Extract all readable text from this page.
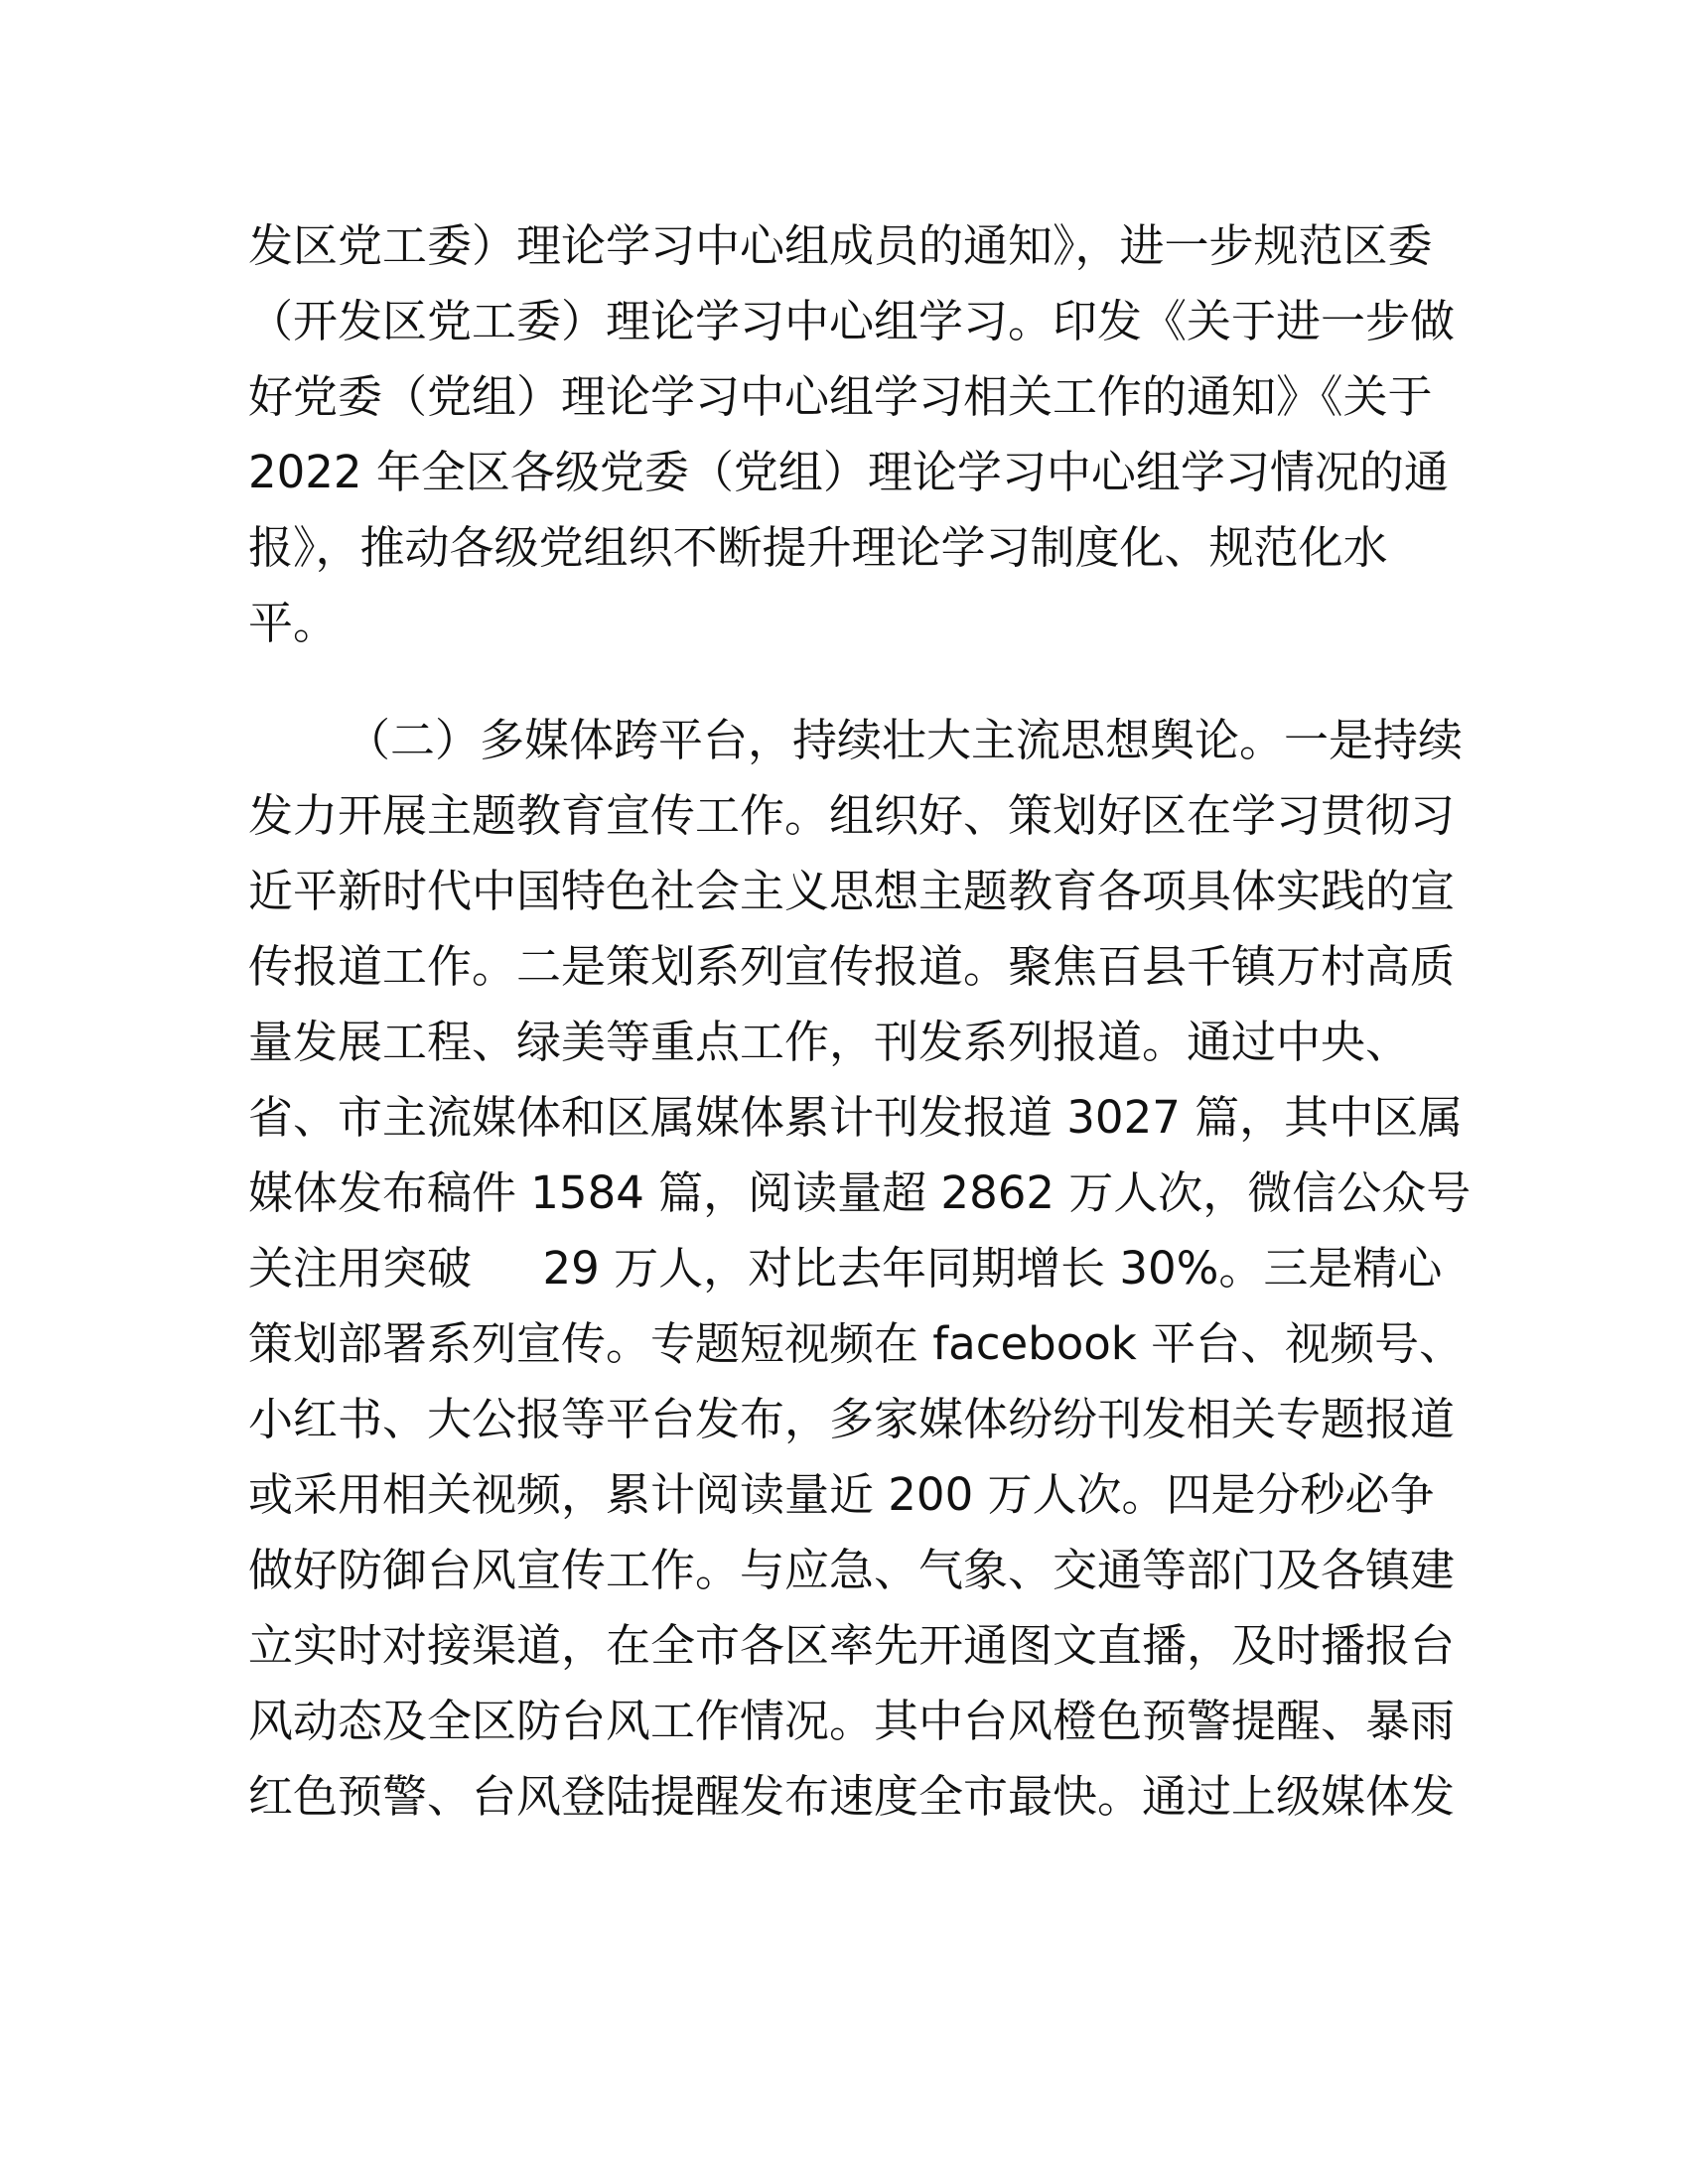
发区党工委）理论学习中心组成员的通知》，进一步规范区委
（开发区党工委）理论学习中心组学习。印发《关于进一步做
好党委（党组）理论学习中心组学习相关工作的通知》《关于
2022 年全区各级党委（党组）理论学习中心组学习情况的通
报》，推动各级党组织不断提升理论学习制度化、规范化水
平。
（二）多媒体跨平台，持续壮大主流思想舆论。一是持续
发力开展主题教育宣传工作。组织好、策划好区在学习贯彻习
近平新时代中国特色社会主义思想主题教育各项具体实践的宣
传报道工作。二是策划系列宣传报道。聚焦百县千镇万村高质
量发展工程、绿美等重点工作，刊发系列报道。通过中央、
省、市主流媒体和区属媒体累计刊发报道 3027 篇，其中区属
媒体发布稿件 1584 篇，阅读量超 2862 万人次，微信公众号
关注用突破     29 万人，对比去年同期增长 30%。三是精心
策划部署系列宣传。专题短视频在 facebook 平台、视频号、
小红书、大公报等平台发布，多家媒体纷纷刊发相关专题报道
或采用相关视频，累计阅读量近 200 万人次。四是分秒必争
做好防御台风宣传工作。与应急、气象、交通等部门及各镇建
立实时对接渠道，在全市各区率先开通图文直播，及时播报台
风动态及全区防台风工作情况。其中台风橙色预警提醒、暴雨
红色预警、台风登陆提醒发布速度全市最快。通过上级媒体发
